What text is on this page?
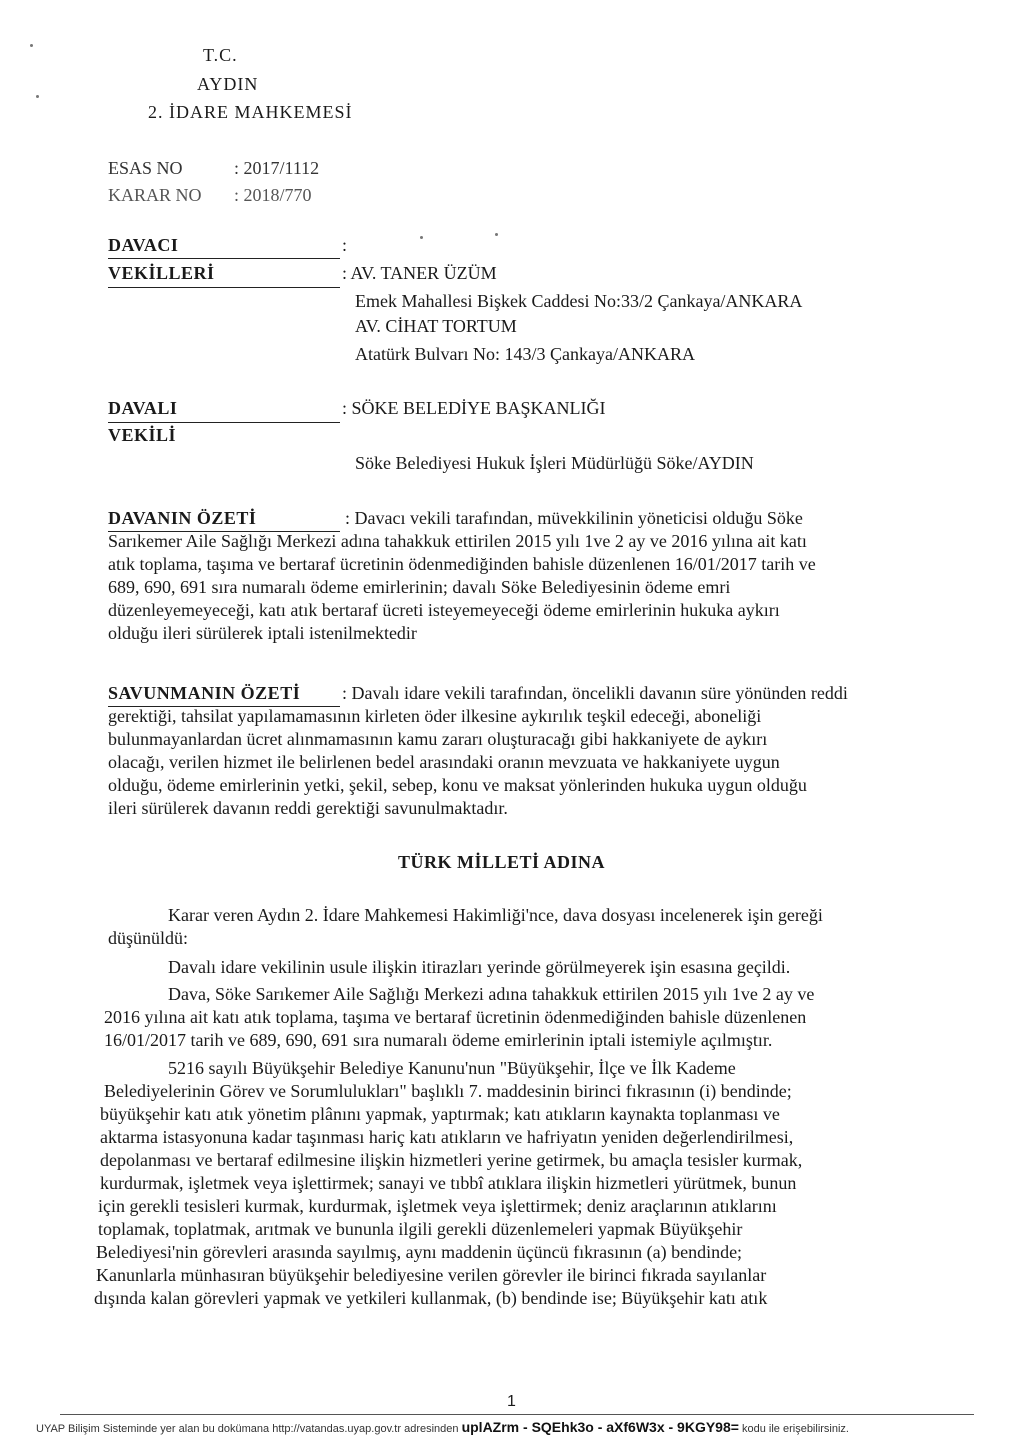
T.C.
AYDIN
2. İDARE MAHKEMESİ
ESAS NO	: 2017/1112
KARAR NO : 2018/770
DAVACI	:
VEKİLLERİ	: AV. TANER ÜZÜM
Emek Mahallesi Bişkek Caddesi No:33/2 Çankaya/ANKARA
AV. CİHAT TORTUM
Atatürk Bulvarı No: 143/3 Çankaya/ANKARA
DAVALI	: SÖKE BELEDİYE BAŞKANLIĞI
VEKİLİ
Söke Belediyesi Hukuk İşleri Müdürlüğü Söke/AYDIN
DAVANIN ÖZETİ	: Davacı vekili tarafından, müvekkilinin yöneticisi olduğu Söke
Sarıkemer Aile Sağlığı Merkezi adına tahakkuk ettirilen 2015 yılı 1ve 2 ay ve 2016 yılına ait katı
atık toplama, taşıma ve bertaraf ücretinin ödenmediğinden bahisle düzenlenen 16/01/2017 tarih ve
689, 690, 691 sıra numaralı ödeme emirlerinin; davalı Söke Belediyesinin ödeme emri
düzenleyemeyeceği, katı atık bertaraf ücreti isteyemeyeceği ödeme emirlerinin hukuka aykırı
olduğu ileri sürülerek iptali istenilmektedir
SAVUNMANIN ÖZETİ : Davalı idare vekili tarafından, öncelikli davanın süre yönünden reddi
gerektiği, tahsilat yapılamamasının kirleten öder ilkesine aykırılık teşkil edeceği, aboneliği
bulunmayanlardan ücret alınmamasının kamu zararı oluşturacağı gibi hakkaniyete de aykırı
olacağı, verilen hizmet ile belirlenen bedel arasındaki oranın mevzuata ve hakkaniyete uygun
olduğu, ödeme emirlerinin yetki, şekil, sebep, konu ve maksat yönlerinden hukuka uygun olduğu
ileri sürülerek davanın reddi gerektiği savunulmaktadır.
TÜRK MİLLETİ ADINA
Karar veren Aydın 2. İdare Mahkemesi Hakimliği'nce, dava dosyası incelenerek işin gereği
düşünüldü:
Davalı idare vekilinin usule ilişkin itirazları yerinde görülmeyerek işin esasına geçildi.
Dava, Söke Sarıkemer Aile Sağlığı Merkezi adına tahakkuk ettirilen 2015 yılı 1ve 2 ay ve
2016 yılına ait katı atık toplama, taşıma ve bertaraf ücretinin ödenmediğinden bahisle düzenlenen
16/01/2017 tarih ve 689, 690, 691 sıra numaralı ödeme emirlerinin iptali istemiyle açılmıştır.
5216 sayılı Büyükşehir Belediye Kanunu'nun "Büyükşehir, İlçe ve İlk Kademe
Belediyelerinin Görev ve Sorumlulukları" başlıklı 7. maddesinin birinci fıkrasının (i) bendinde;
büyükşehir katı atık yönetim plânını yapmak, yaptırmak; katı atıkların kaynakta toplanması ve
aktarma istasyonuna kadar taşınması hariç katı atıkların ve hafriyatın yeniden değerlendirilmesi,
depolanması ve bertaraf edilmesine ilişkin hizmetleri yerine getirmek, bu amaçla tesisler kurmak,
kurdurmak, işletmek veya işlettirmek; sanayi ve tıbbî atıklara ilişkin hizmetleri yürütmek, bunun
için gerekli tesisleri kurmak, kurdurmak, işletmek veya işlettirmek; deniz araçlarının atıklarını
toplamak, toplatmak, arıtmak ve bununla ilgili gerekli düzenlemeleri yapmak Büyükşehir
Belediyesi'nin görevleri arasında sayılmış, aynı maddenin üçüncü fıkrasının (a) bendinde;
Kanunlarla münhasıran büyükşehir belediyesine verilen görevler ile birinci fıkrada sayılanlar
dışında kalan görevleri yapmak ve yetkileri kullanmak, (b) bendinde ise; Büyükşehir katı atık
1
UYAP Bilişim Sisteminde yer alan bu dokümana http://vatandas.uyap.gov.tr adresinden uplAZrm - SQEhk3o - aXf6W3x - 9KGY98= kodu ile erişebilirsiniz.
